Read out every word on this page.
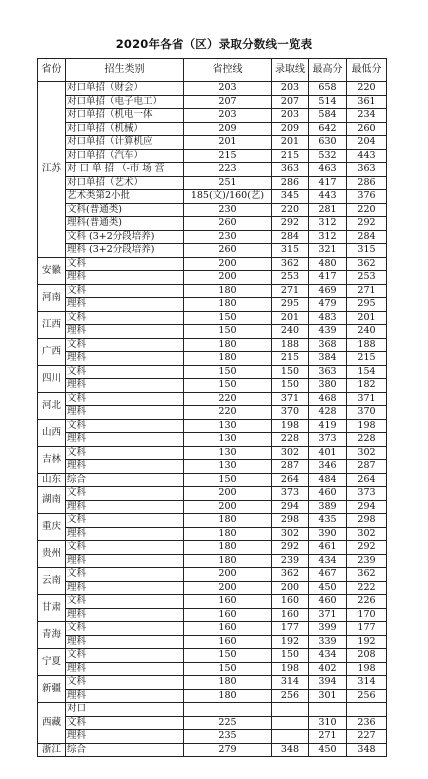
2020年各省（区）录取分数线一览表
省份	招生类别	省控线	录取线	最高分	最低分
江苏	对口单招（财会）	203	203	658	220
	对口单招（电子电工）	207	207	514	361
	对口单招（机电一体	203	203	584	234
	对口单招（机械）	209	209	642	260
	对口单招（计算机应	201	201	630	204
	对口单招（汽车）	215	215	532	443
	对 口 单 招 （-市 场 营	223	363	463	363
	对口单招（艺术）	251	286	417	286
	艺术类第2小批	185(文)/160(艺)	345	443	376
	文科(普通类)	230	220	281	220
	理科(普通类)	260	292	312	292
	文科 (3+2分段培养)	230	284	312	284
	理科 (3+2分段培养)	260	315	321	315
安徽	文科	200	362	480	362
	理科	200	253	417	253
河南	文科	180	271	469	271
	理科	180	295	479	295
江西	文科	150	201	483	201
	理科	150	240	439	240
广西	文科	180	188	368	188
	理科	180	215	384	215
四川	文科	150	150	363	154
	理科	150	150	380	182
河北	文科	220	371	468	371
	理科	220	370	428	370
山西	文科	130	198	419	198
	理科	130	228	373	228
吉林	文科	130	302	401	302
	理科	130	287	346	287
山东	综合	150	264	484	264
湖南	文科	200	373	460	373
	理科	200	294	389	294
重庆	文科	180	298	435	298
	理科	180	302	390	302
贵州	文科	180	292	461	292
	理科	180	239	434	239
云南	文科	200	362	467	362
	理科	200	200	450	222
甘肃	文科	160	160	460	226
	理科	160	160	371	170
青海	文科	160	177	399	177
	理科	160	192	339	192
宁夏	文科	150	150	434	208
	理科	150	198	402	198
新疆	文科	180	314	394	314
	理科	180	256	301	256
西藏	对口				
	文科	225		310	236
	理科	235		271	227
浙江	综合	279	348	450	348
